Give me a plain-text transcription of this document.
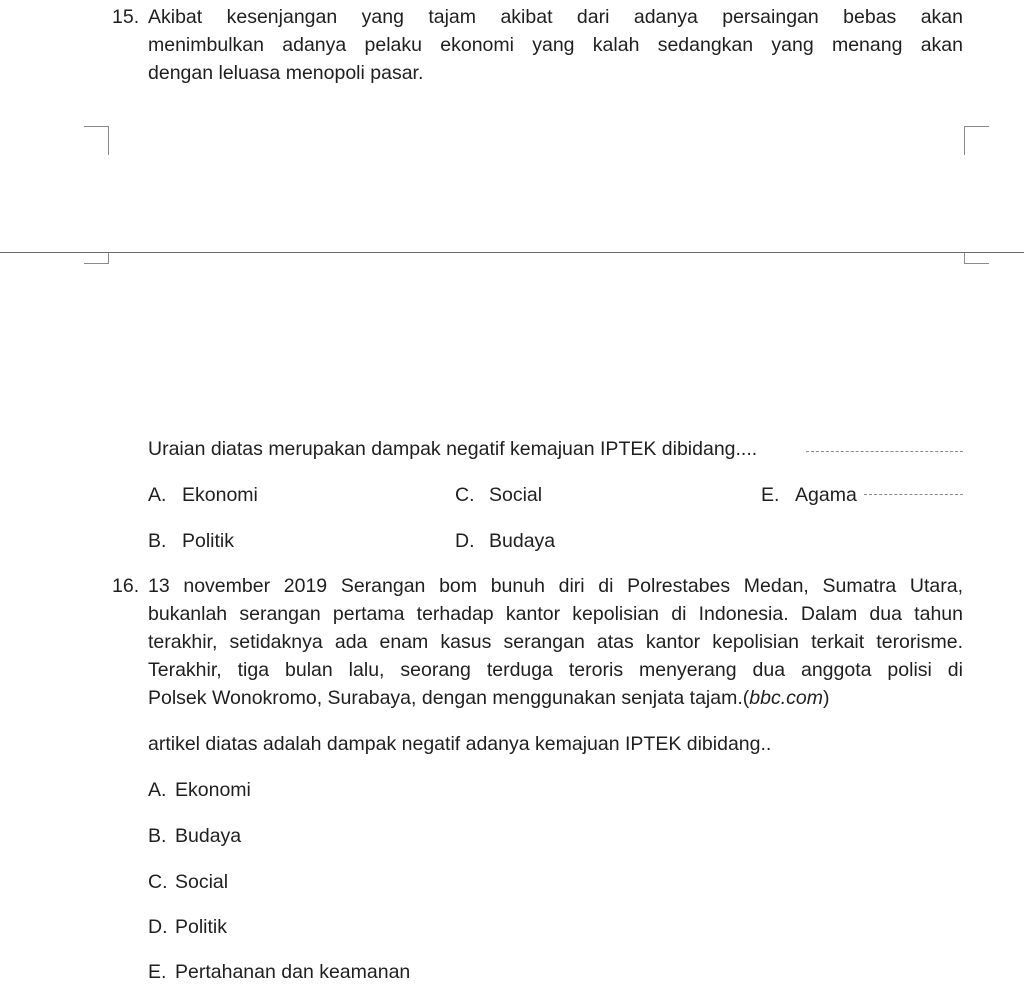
15. Akibat kesenjangan yang tajam akibat dari adanya persaingan bebas akan
menimbulkan adanya pelaku ekonomi yang kalah sedangkan yang menang akan
dengan leluasa menopoli pasar.
Uraian diatas merupakan dampak negatif kemajuan IPTEK dibidang....
A. Ekonomi	C. Social	E. Agama
B. Politik	D. Budaya
16. 13 november 2019 Serangan bom bunuh diri di Polrestabes Medan, Sumatra Utara,
bukanlah serangan pertama terhadap kantor kepolisian di Indonesia. Dalam dua tahun
terakhir, setidaknya ada enam kasus serangan atas kantor kepolisian terkait terorisme.
Terakhir, tiga bulan lalu, seorang terduga teroris menyerang dua anggota polisi di
Polsek Wonokromo, Surabaya, dengan menggunakan senjata tajam.(bbc.com)
artikel diatas adalah dampak negatif adanya kemajuan IPTEK dibidang..
A. Ekonomi
B. Budaya
C. Social
D. Politik
E. Pertahanan dan keamanan
